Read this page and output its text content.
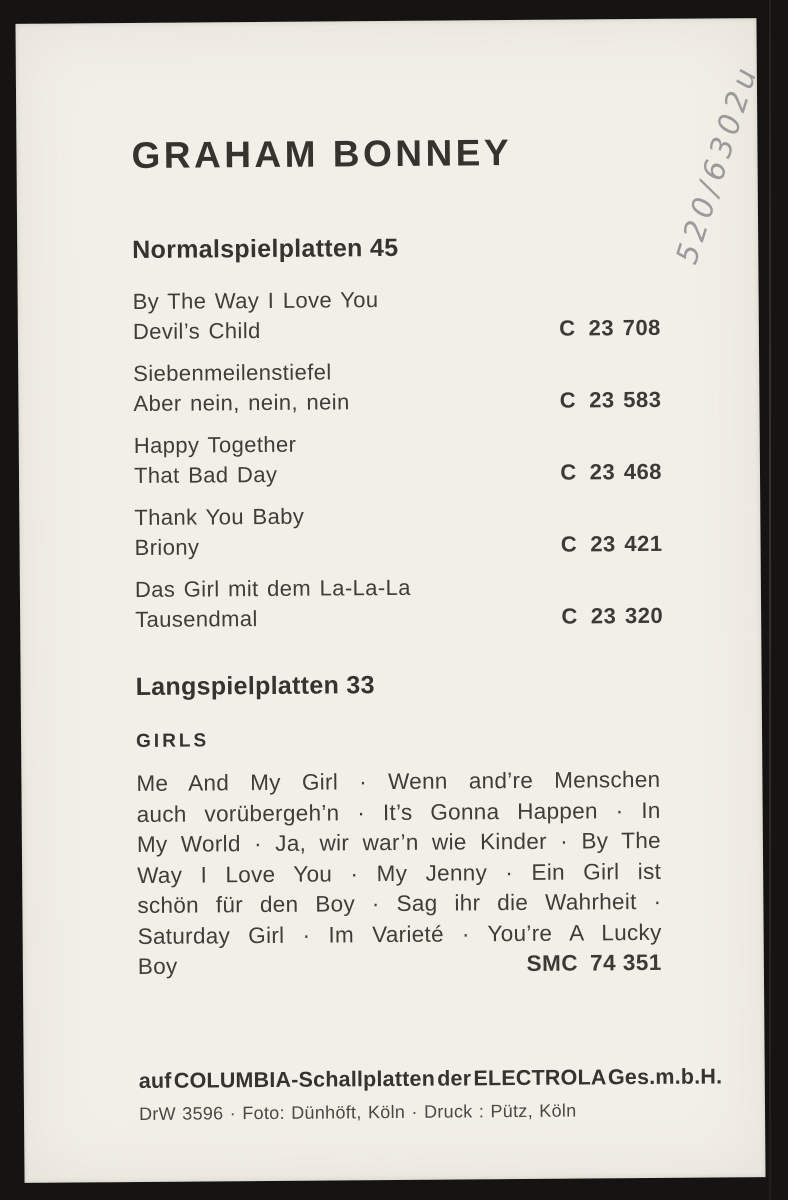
520/6302u
GRAHAM BONNEY
Normalspielplatten 45
By The Way I Love You
Devil’s Child	C 23 708
Siebenmeilenstiefel
Aber nein, nein, nein	C 23 583
Happy Together
That Bad Day	C 23 468
Thank You Baby
Briony	C 23 421
Das Girl mit dem La-La-La
Tausendmal	C 23 320
Langspielplatten 33
GIRLS
Me And My Girl · Wenn and’re Menschen
auch vorübergeh’n · It’s Gonna Happen · In
My World · Ja, wir war’n wie Kinder · By The
Way I Love You · My Jenny · Ein Girl ist
schön für den Boy · Sag ihr die Wahrheit ·
Saturday Girl · Im Varieté · You’re A Lucky
Boy	SMC 74 351
auf COLUMBIA-Schallplatten der ELECTROLA Ges.m.b.H.
DrW 3596 · Foto: Dünhöft, Köln · Druck : Pütz, Köln
